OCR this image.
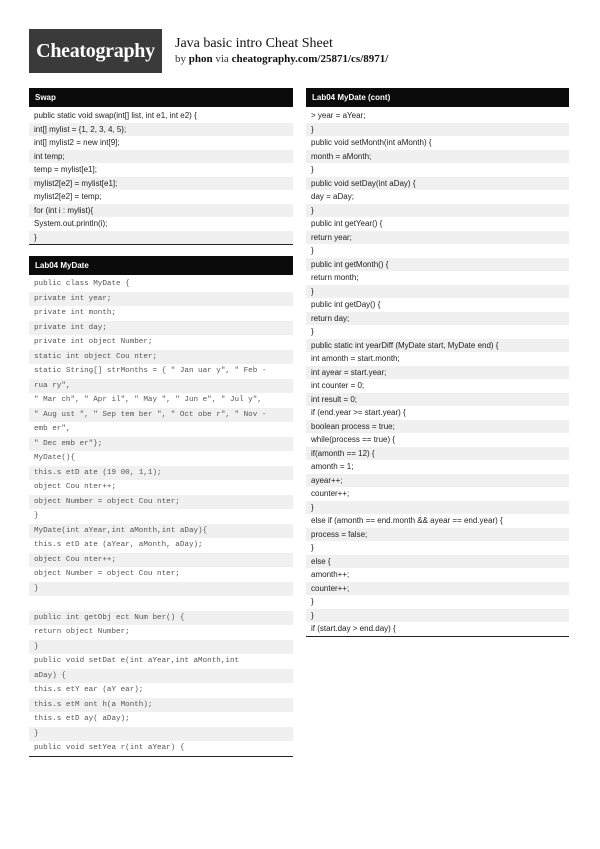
Cheatography	Java basic intro Cheat Sheet
by phon via cheatography.com/25871/cs/8971/
Swap
public static void swap(int[] list, int e1, int e2) {
int[] mylist = {1, 2, 3, 4, 5};
int[] mylist2 = new int[9];
int temp;
temp = mylist[e1];
mylist2[e2] = mylist[e1];
mylist2[e2] = temp;
for (int i : mylist){
System.out.println(i);
}
Lab04 MyDate
public class MyDate {
private int year;
private int month;
private int day;
private int object Number;
static int object Cou nter;
static String[] strMonths = { " Jan uar y", " Feb -
rua ry",
" Mar ch", " Apr il", " May ", " Jun e", " Jul y",
" Aug ust ", " Sep tem ber ", " Oct obe r", " Nov -
emb er",
" Dec emb er"};
MyDate(){
this.s etD ate (19 00, 1,1);
object Cou nter++;
object Number = object Cou nter;
}
MyDate(int aYear,int aMonth,int aDay){
this.s etD ate (aYear, aMonth, aDay);
object Cou nter++;
object Number = object Cou nter;
}

public int getObj ect Num ber() {
return object Number;
}
public void setDat e(int aYear,int aMonth,int
aDay) {
this.s etY ear (aY ear);
this.s etM ont h(a Month);
this.s etD ay( aDay);
}
public void setYea r(int aYear) {
Lab04 MyDate (cont)
> year = aYear;
}
public void setMonth(int aMonth) {
month = aMonth;
}
public void setDay(int aDay) {
day = aDay;
}
public int getYear() {
return year;
}
public int getMonth() {
return month;
}
public int getDay() {
return day;
}
public static int yearDiff (MyDate start, MyDate end) {
int amonth = start.month;
int ayear = start.year;
int counter = 0;
int result = 0;
if (end.year >= start.year) {
boolean process = true;
while(process == true) {
if(amonth == 12) {
amonth = 1;
ayear++;
counter++;
}
else if (amonth == end.month && ayear == end.year) {
process = false;
}
else {
amonth++;
counter++;
}
}
if (start.day > end.day) {
